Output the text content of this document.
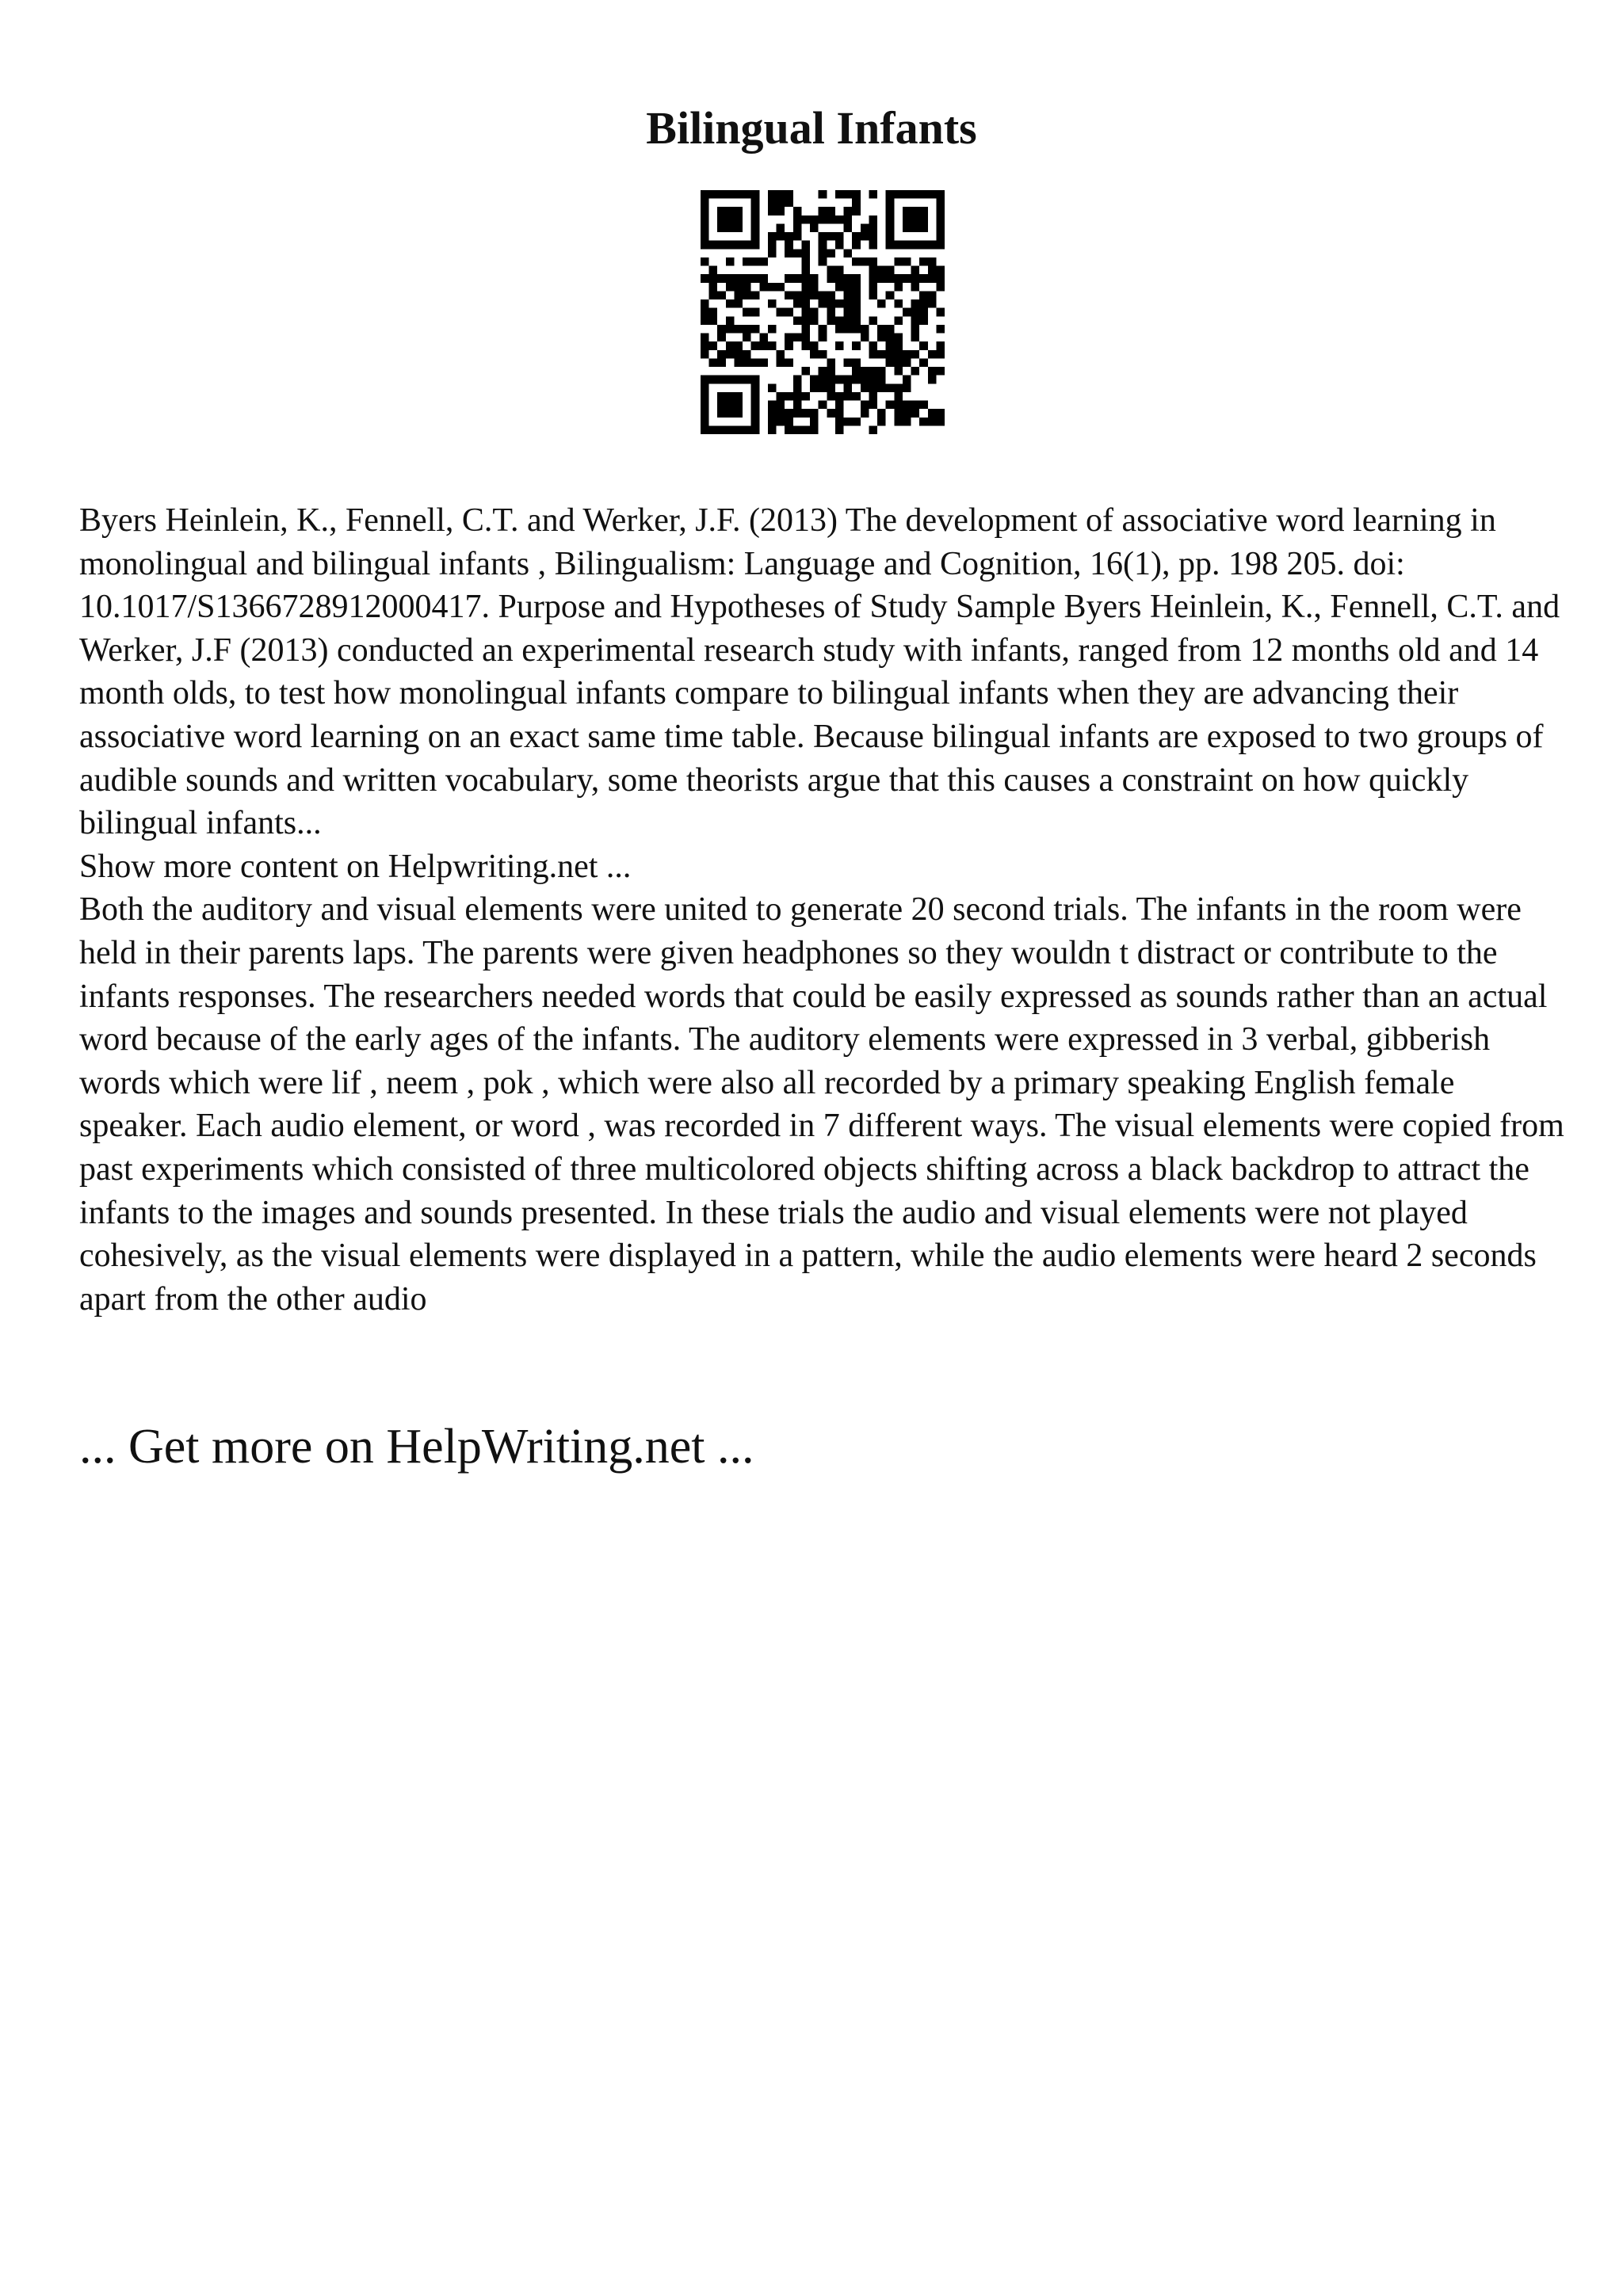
Bilingual Infants

Byers Heinlein, K., Fennell, C.T. and Werker, J.F. (2013) The development of associative word learning in monolingual and bilingual infants , Bilingualism: Language and Cognition, 16(1), pp. 198 205. doi: 10.1017/S1366728912000417. Purpose and Hypotheses of Study Sample Byers Heinlein, K., Fennell, C.T. and Werker, J.F (2013) conducted an experimental research study with infants, ranged from 12 months old and 14 month olds, to test how monolingual infants compare to bilingual infants when they are advancing their associative word learning on an exact same time table. Because bilingual infants are exposed to two groups of audible sounds and written vocabulary, some theorists argue that this causes a constraint on how quickly bilingual infants...

Show more content on Helpwriting.net ...

Both the auditory and visual elements were united to generate 20 second trials. The infants in the room were held in their parents laps. The parents were given headphones so they wouldn t distract or contribute to the infants responses. The researchers needed words that could be easily expressed as sounds rather than an actual word because of the early ages of the infants. The auditory elements were expressed in 3 verbal, gibberish words which were lif , neem , pok , which were also all recorded by a primary speaking English female speaker. Each audio element, or word , was recorded in 7 different ways. The visual elements were copied from past experiments which consisted of three multicolored objects shifting across a black backdrop to attract the infants to the images and sounds presented. In these trials the audio and visual elements were not played cohesively, as the visual elements were displayed in a pattern, while the audio elements were heard 2 seconds apart from the other audio

... Get more on HelpWriting.net ...
